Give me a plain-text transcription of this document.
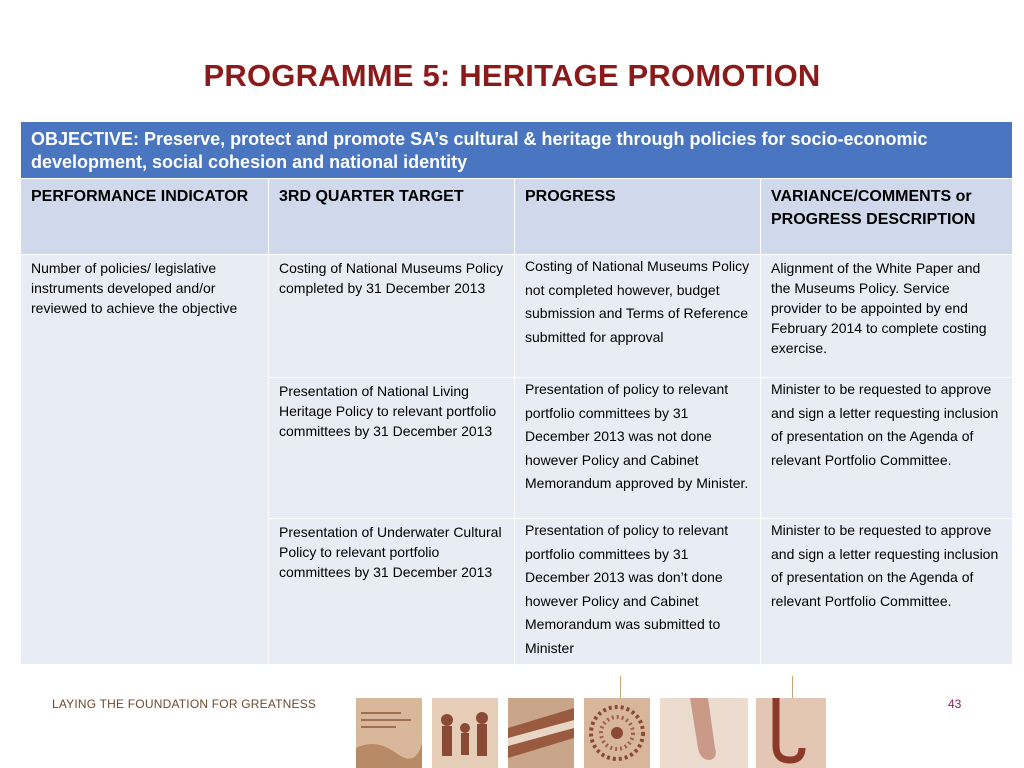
PROGRAMME 5: HERITAGE PROMOTION
OBJECTIVE: Preserve, protect and promote SA’s cultural & heritage through policies for socio-economic development, social cohesion and national identity			
PERFORMANCE INDICATOR	3RD QUARTER TARGET	PROGRESS	VARIANCE/COMMENTS or PROGRESS DESCRIPTION
Number of policies/ legislative instruments developed and/or reviewed to achieve the objective	Costing of National Museums Policy completed by 31 December 2013	Costing of National Museums Policy not completed however, budget submission and Terms of Reference submitted for approval	Alignment of the White Paper and the Museums Policy. Service provider to be appointed by end February 2014 to complete costing exercise.
	Presentation of National Living Heritage Policy to relevant portfolio committees by 31 December 2013	Presentation of policy to relevant portfolio committees by 31 December 2013 was not done however Policy and Cabinet Memorandum approved by Minister.	Minister to be requested to approve and sign a letter requesting inclusion of presentation on the Agenda of relevant Portfolio Committee.
	Presentation of Underwater Cultural Policy to relevant portfolio committees by 31 December 2013	Presentation of policy to relevant portfolio committees by 31 December 2013 was don’t done however Policy and Cabinet Memorandum was submitted to Minister	Minister to be requested to approve and sign a letter requesting inclusion of presentation on the Agenda of relevant Portfolio Committee.
LAYING THE FOUNDATION FOR GREATNESS	43
